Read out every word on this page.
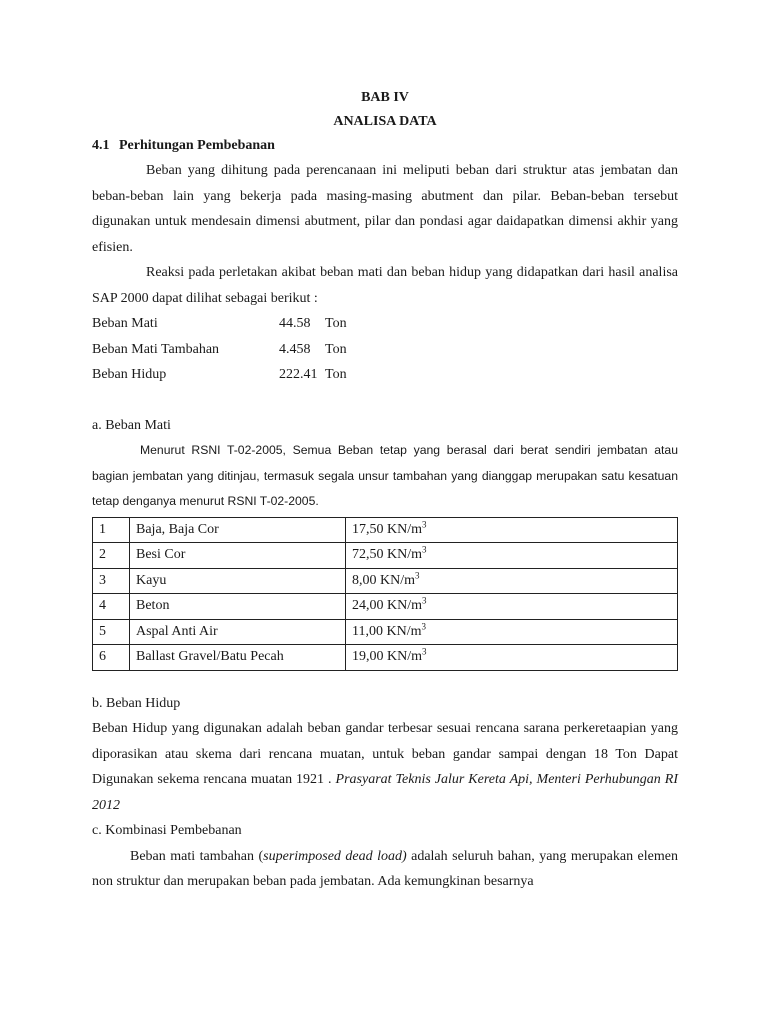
BAB IV
ANALISA DATA
4.1 Perhitungan Pembebanan

Beban yang dihitung pada perencanaan ini meliputi beban dari struktur atas jembatan dan beban-beban lain yang bekerja pada masing-masing abutment dan pilar. Beban-beban tersebut digunakan untuk mendesain dimensi abutment, pilar dan pondasi agar daidapatkan dimensi akhir yang efisien.

Reaksi pada perletakan akibat beban mati dan beban hidup yang didapatkan dari hasil analisa SAP 2000 dapat dilihat sebagai berikut :

Beban Mati	44.58	Ton
Beban Mati Tambahan	4.458	Ton
Beban Hidup	222.41 Ton

a. Beban Mati

Menurut RSNI T-02-2005, Semua Beban tetap yang berasal dari berat sendiri jembatan atau bagian jembatan yang ditinjau, termasuk segala unsur tambahan yang dianggap merupakan satu kesatuan tetap denganya menurut RSNI T-02-2005.

1	Baja, Baja Cor	17,50 $KN/m^3$
2	Besi Cor	72,50 $KN/m^3$
3	Kayu	8,00 $KN/m^3$
4	Beton	24,00 $KN/m^3$
5	Aspal Anti Air	11,00 $KN/m^3$
6	Ballast Gravel/Batu Pecah	19,00 $KN/m^3$

b. Beban Hidup

Beban Hidup yang digunakan adalah beban gandar terbesar sesuai rencana sarana perkeretaapian yang diporasikan atau skema dari rencana muatan, untuk beban gandar sampai dengan 18 Ton Dapat Digunakan sekema rencana muatan 1921 . Prasyarat Teknis Jalur Kereta Api, Menteri Perhubungan RI 2012

c. Kombinasi Pembebanan

Beban mati tambahan (superimposed dead load) adalah seluruh bahan, yang merupakan elemen non struktur dan merupakan beban pada jembatan. Ada kemungkinan besarnya
